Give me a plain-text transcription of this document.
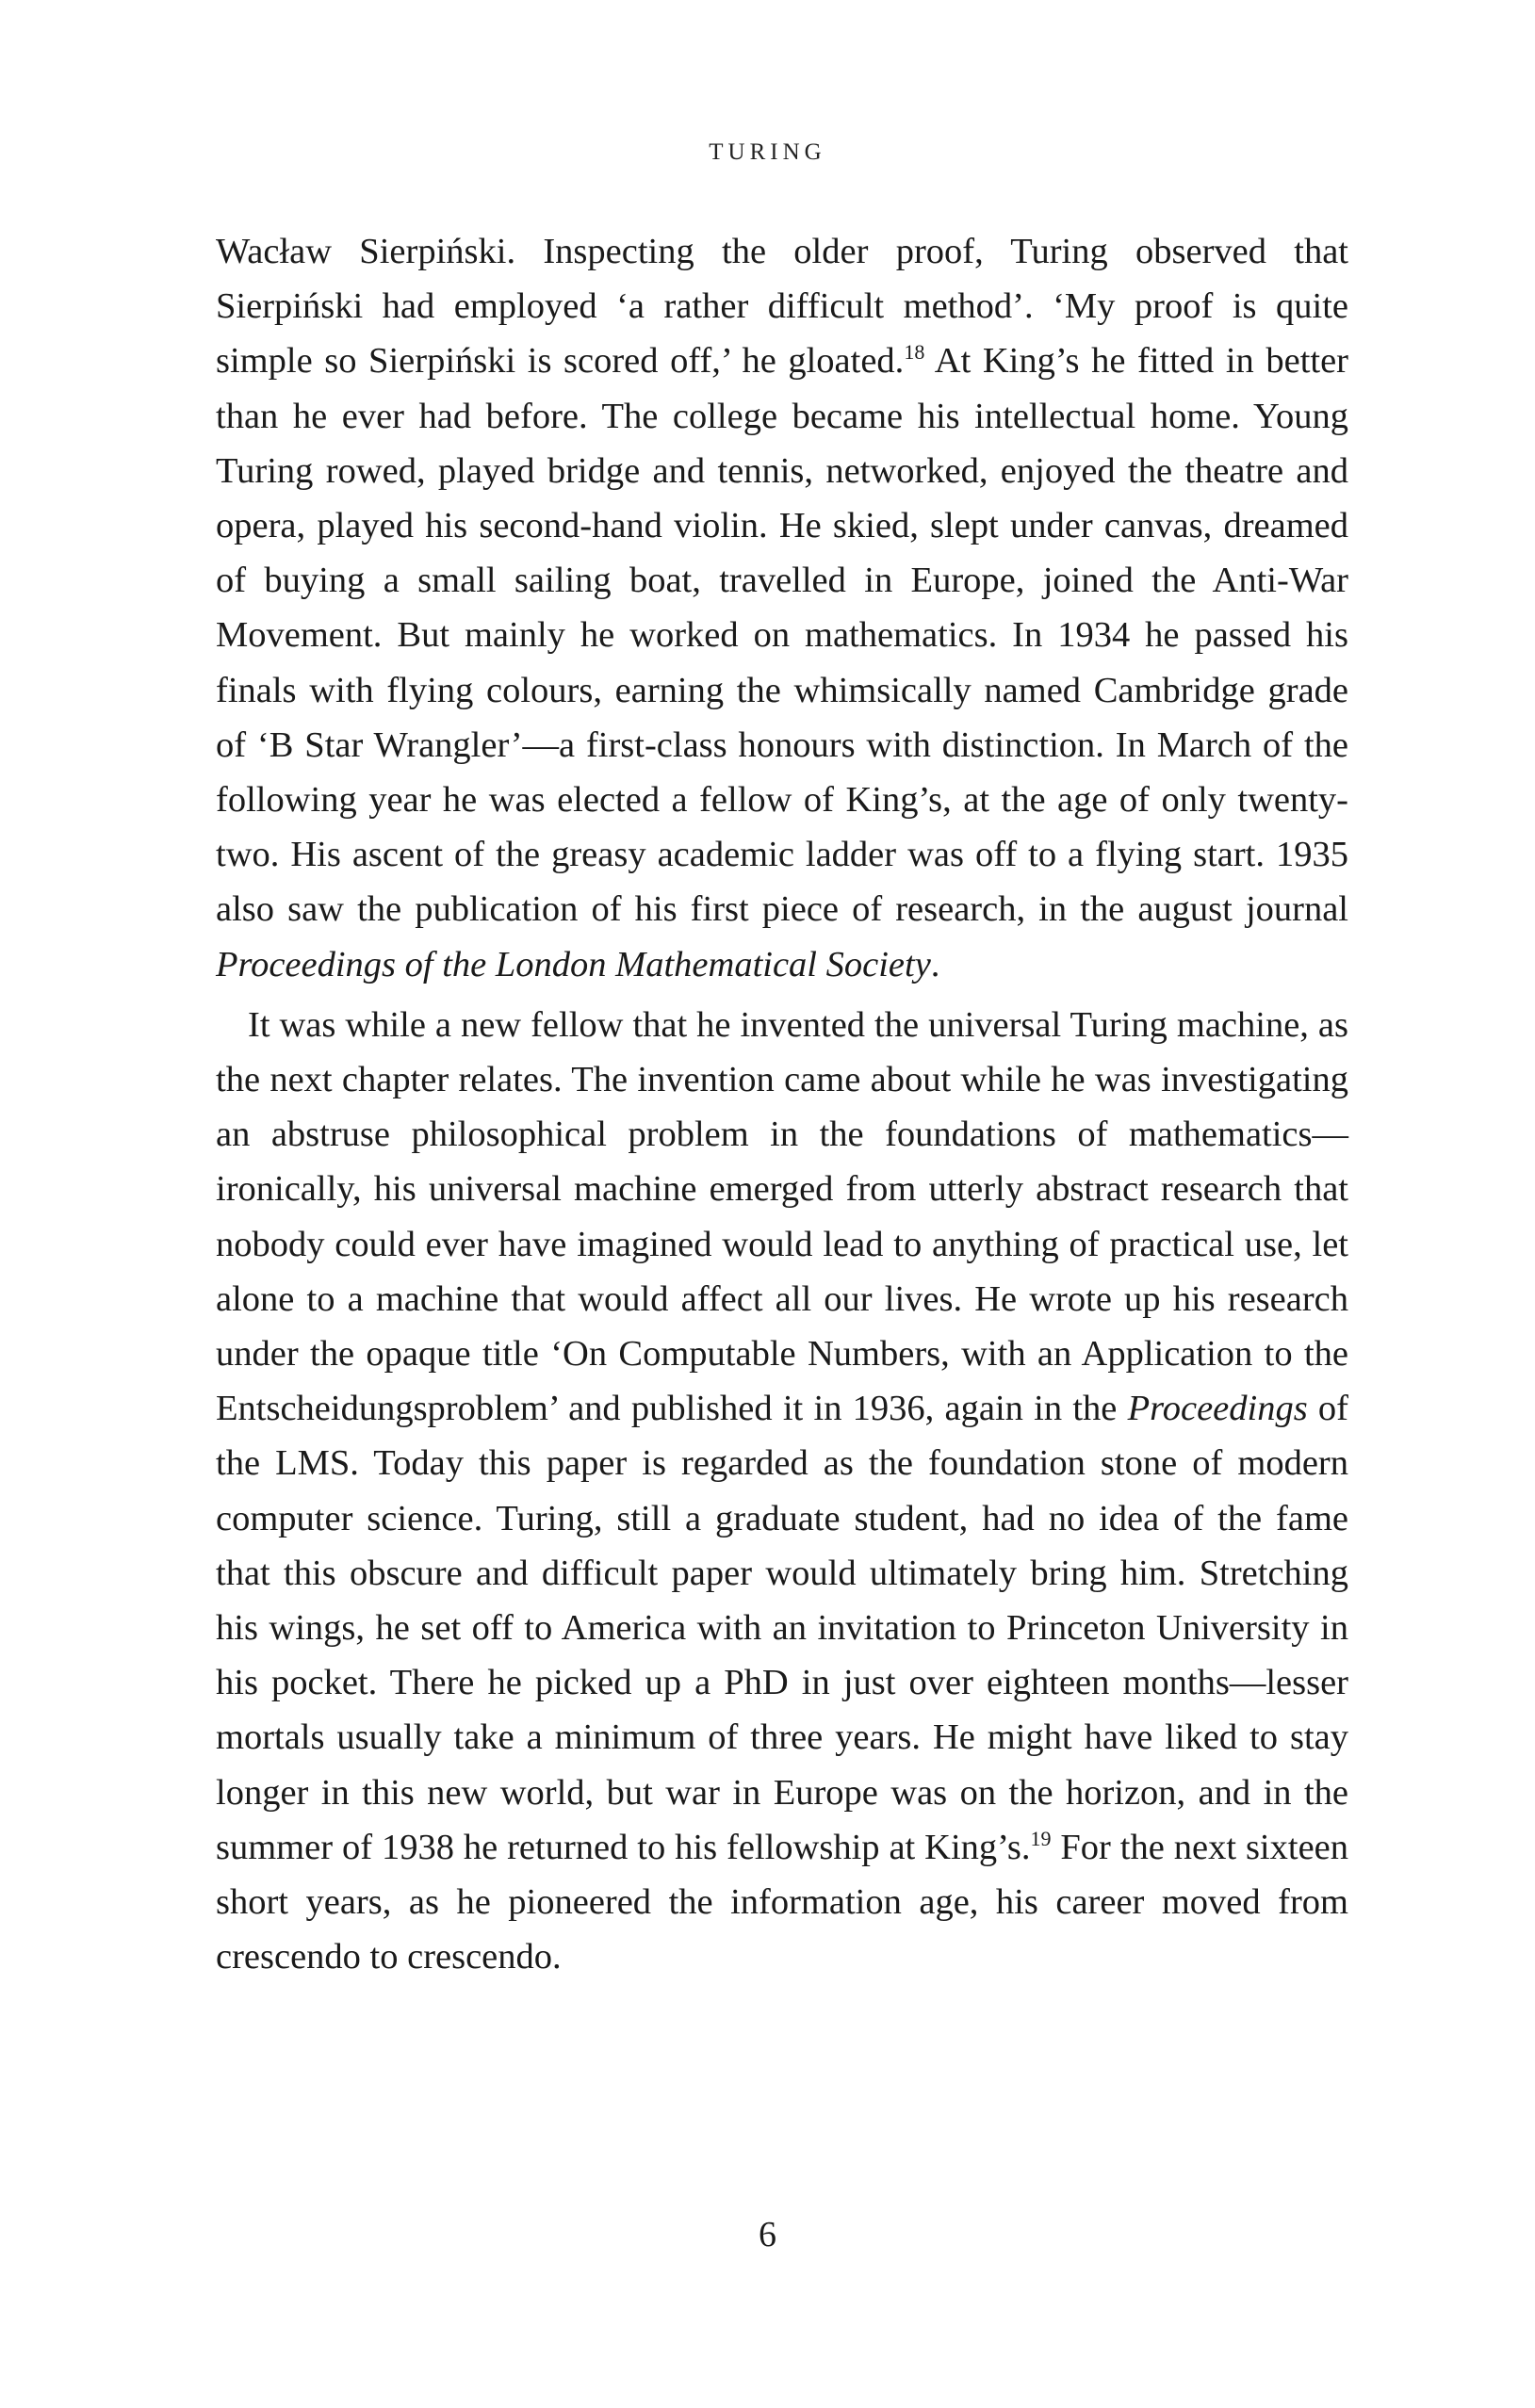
TURING

Wacław Sierpiński. Inspecting the older proof, Turing observed that Sierpiński had employed ‘a rather difficult method’. ‘My proof is quite simple so Sierpiński is scored off,’ he gloated.$^{18}$ At King’s he fitted in better than he ever had before. The college became his intellectual home. Young Turing rowed, played bridge and tennis, networked, enjoyed the theatre and opera, played his second-hand violin. He skied, slept under canvas, dreamed of buying a small sailing boat, travelled in Europe, joined the Anti-War Movement. But mainly he worked on mathematics. In 1934 he passed his finals with flying colours, earning the whimsically named Cambridge grade of ‘B Star Wrangler’—a first-class honours with distinction. In March of the following year he was elected a fellow of King’s, at the age of only twenty-two. His ascent of the greasy academic ladder was off to a flying start. 1935 also saw the publication of his first piece of research, in the august journal Proceedings of the London Mathematical Society.

It was while a new fellow that he invented the universal Turing machine, as the next chapter relates. The invention came about while he was investigating an abstruse philosophical problem in the foundations of mathematics—ironically, his universal machine emerged from utterly abstract research that nobody could ever have imagined would lead to anything of practical use, let alone to a machine that would affect all our lives. He wrote up his research under the opaque title ‘On Computable Numbers, with an Application to the Entscheidungsproblem’ and published it in 1936, again in the Proceedings of the LMS. Today this paper is regarded as the foundation stone of modern computer science. Turing, still a graduate student, had no idea of the fame that this obscure and difficult paper would ultimately bring him. Stretching his wings, he set off to America with an invitation to Princeton University in his pocket. There he picked up a PhD in just over eighteen months—lesser mortals usually take a minimum of three years. He might have liked to stay longer in this new world, but war in Europe was on the horizon, and in the summer of 1938 he returned to his fellowship at King’s.$^{19}$ For the next sixteen short years, as he pioneered the information age, his career moved from crescendo to crescendo.

6
